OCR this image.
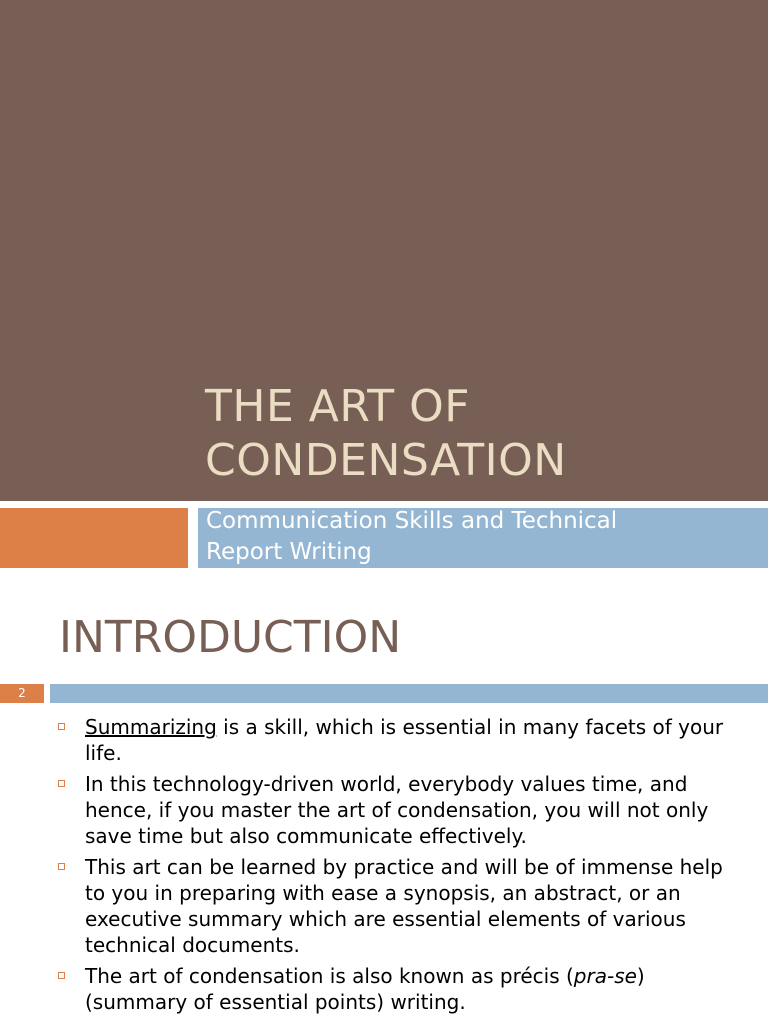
THE ART OF
CONDENSATION
Communication Skills and Technical
Report Writing
INTRODUCTION
2
Summarizing is a skill, which is essential in many facets of your life.
In this technology-driven world, everybody values time, and hence, if you master the art of condensation, you will not only save time but also communicate effectively.
This art can be learned by practice and will be of immense help to you in preparing with ease a synopsis, an abstract, or an executive summary which are essential elements of various technical documents.
The art of condensation is also known as précis (pra-se) (summary of essential points) writing.
